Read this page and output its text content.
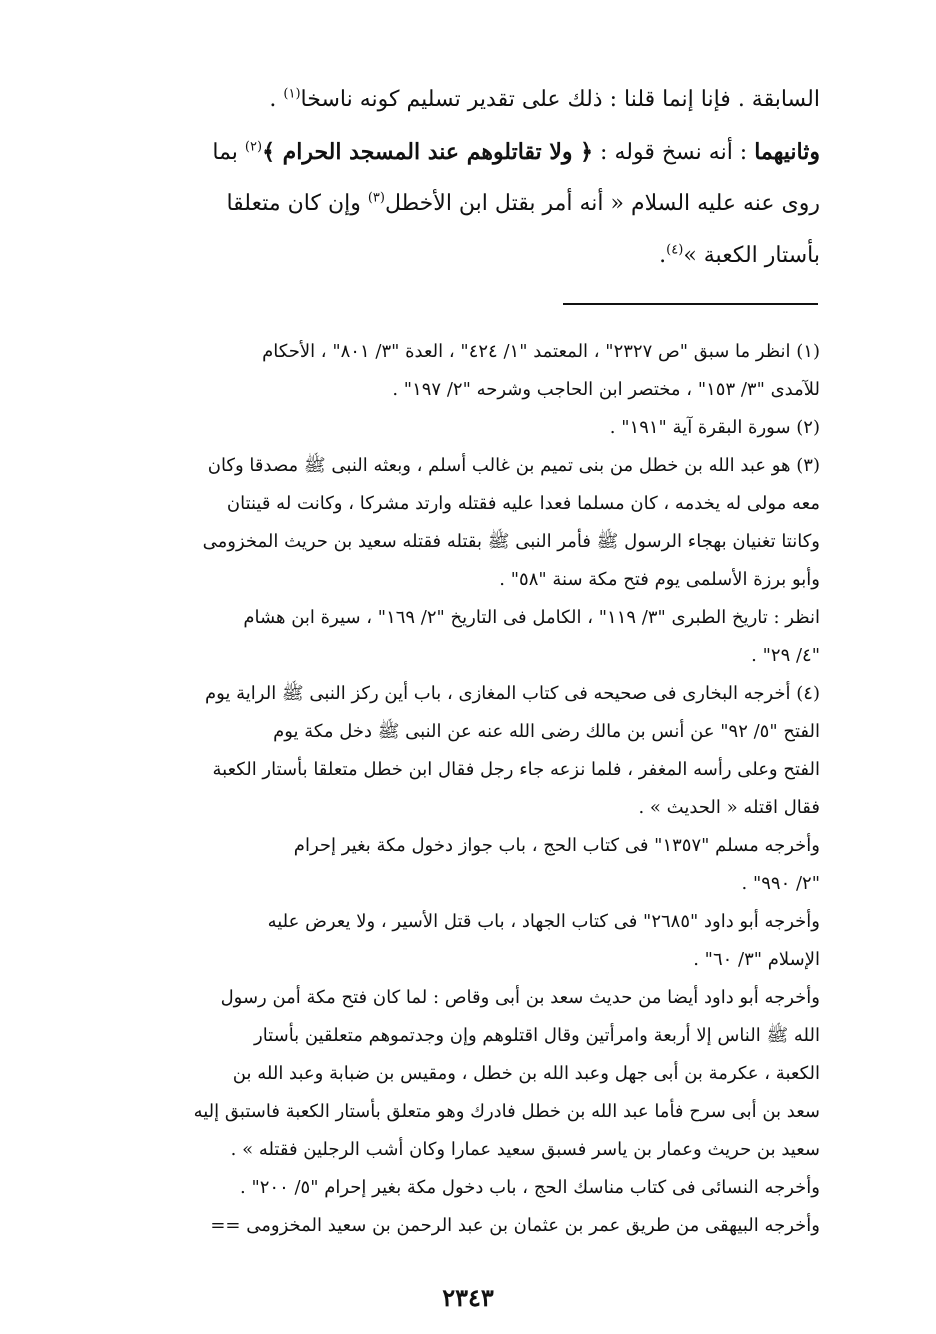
السابقة . فإنا إنما قلنا : ذلك على تقدير تسليم كونه ناسخا$^{(١)}$ .
وثانيهما : أنه نسخ قوله : ﴿ ولا تقاتلوهم عند المسجد الحرام ﴾$^{(٢)}$ بما
روى عنه عليه السلام « أنه أمر بقتل ابن الأخطل$^{(٣)}$ وإن كان متعلقا
بأستار الكعبة »$^{(٤)}$.
(١) انظر ما سبق "ص ٢٣٢٧" ، المعتمد "١/ ٤٢٤" ، العدة "٣/ ٨٠١" ، الأحكام
للآمدى "٣/ ١٥٣" ، مختصر ابن الحاجب وشرحه "٢/ ١٩٧" .
(٢) سورة البقرة آية "١٩١" .
(٣) هو عبد الله بن خطل من بنى تميم بن غالب أسلم ، وبعثه النبى ﷺ مصدقا وكان
معه مولى له يخدمه ، كان مسلما فعدا عليه فقتله وارتد مشركا ، وكانت له قينتان
وكانتا تغنيان بهجاء الرسول ﷺ فأمر النبى ﷺ بقتله فقتله سعيد بن حريث المخزومى
وأبو برزة الأسلمى يوم فتح مكة سنة "٥٨" .
انظر : تاريخ الطبرى "٣/ ١١٩" ، الكامل فى التاريخ "٢/ ١٦٩" ، سيرة ابن هشام
"٤/ ٢٩" .
(٤) أخرجه البخارى فى صحيحه فى كتاب المغازى ، باب أين ركز النبى ﷺ الراية يوم
الفتح "٥/ ٩٢" عن أنس بن مالك رضى الله عنه عن النبى ﷺ دخل مكة يوم
الفتح وعلى رأسه المغفر ، فلما نزعه جاء رجل فقال ابن خطل متعلقا بأستار الكعبة
فقال اقتله « الحديث » .
وأخرجه مسلم "١٣٥٧" فى كتاب الحج ، باب جواز دخول مكة بغير إحرام
"٢/ ٩٩٠" .
وأخرجه أبو داود "٢٦٨٥" فى كتاب الجهاد ، باب قتل الأسير ، ولا يعرض عليه
الإسلام "٣/ ٦٠" .
وأخرجه أبو داود أيضا من حديث سعد بن أبى وقاص : لما كان فتح مكة أمن رسول
الله ﷺ الناس إلا أربعة وامرأتين وقال اقتلوهم وإن وجدتموهم متعلقين بأستار
الكعبة ، عكرمة بن أبى جهل وعبد الله بن خطل ، ومقيس بن ضبابة وعبد الله بن
سعد بن أبى سرح فأما عبد الله بن خطل فادرك وهو متعلق بأستار الكعبة فاستبق إليه
سعيد بن حريث وعمار بن ياسر فسبق سعيد عمارا وكان أشب الرجلين فقتله » .
وأخرجه النسائى فى كتاب مناسك الحج ، باب دخول مكة بغير إحرام "٥/ ٢٠٠" .
وأخرجه البيهقى من طريق عمر بن عثمان بن عبد الرحمن بن سعيد المخزومى ==
٢٣٤٣
